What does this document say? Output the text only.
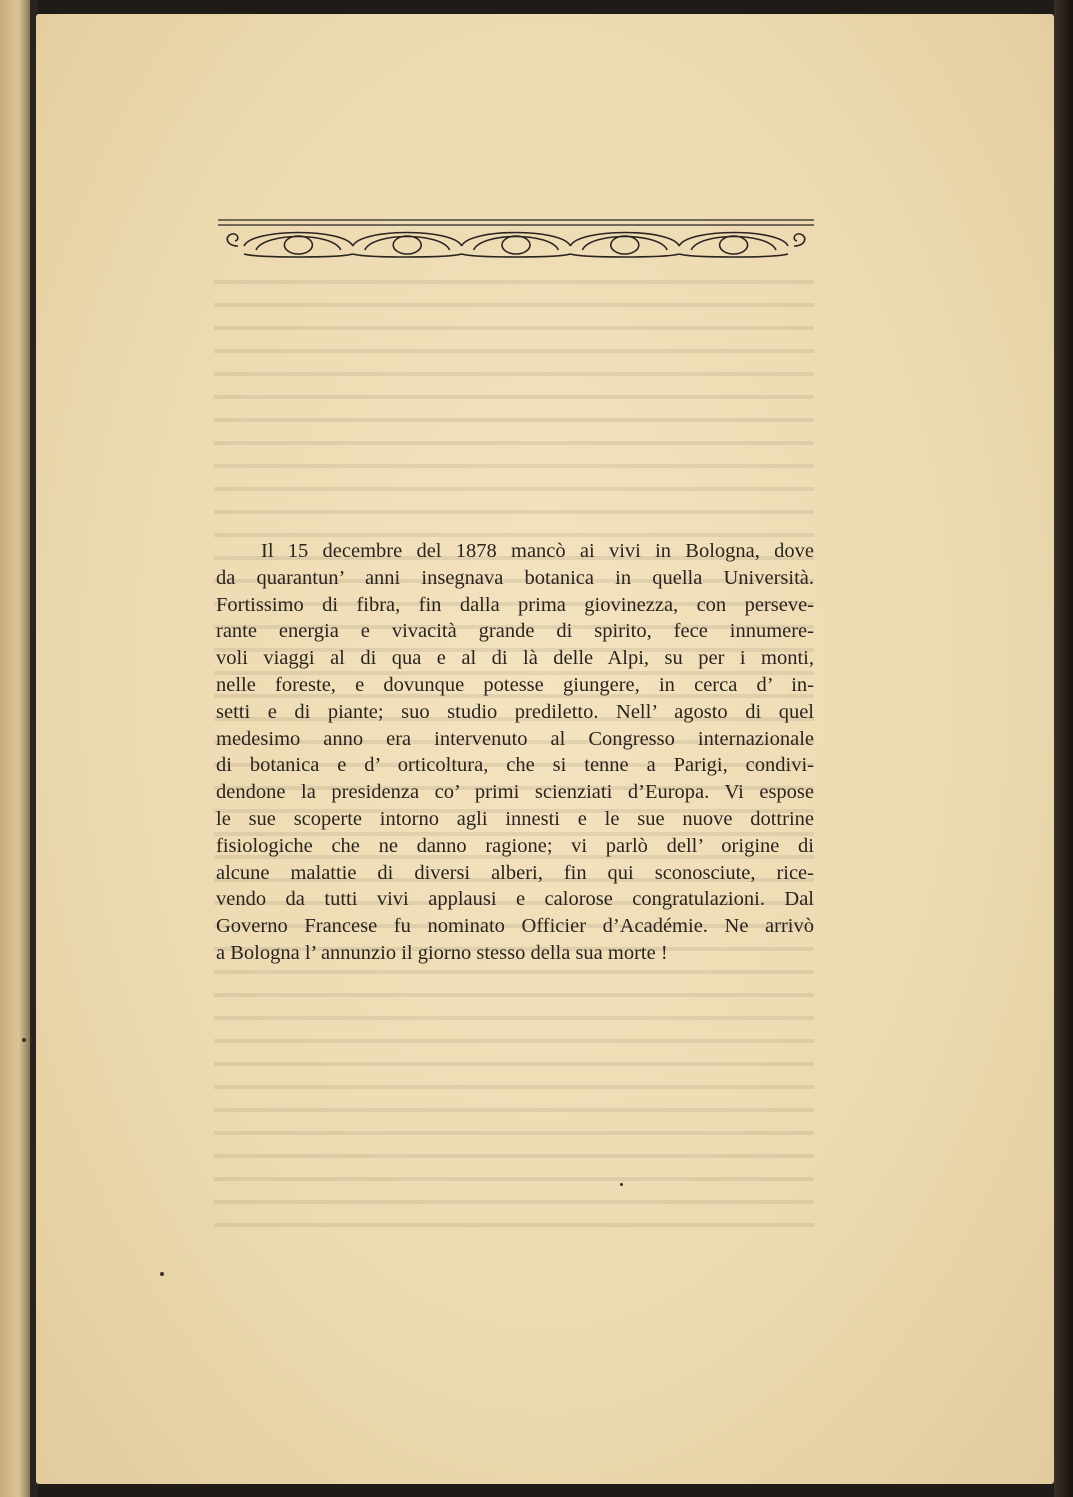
Il 15 decembre del 1878 mancò ai vivi in Bologna, dove
da quarantun’ anni insegnava botanica in quella Università.
Fortissimo di fibra, fin dalla prima giovinezza, con perseve-
rante energia e vivacità grande di spirito, fece innumere-
voli viaggi al di qua e al di là delle Alpi, su per i monti,
nelle foreste, e dovunque potesse giungere, in cerca d’ in-
setti e di piante; suo studio prediletto. Nell’ agosto di quel
medesimo anno era intervenuto al Congresso internazionale
di botanica e d’ orticoltura, che si tenne a Parigi, condivi-
dendone la presidenza co’ primi scienziati d’Europa. Vi espose
le sue scoperte intorno agli innesti e le sue nuove dottrine
fisiologiche che ne danno ragione; vi parlò dell’ origine di
alcune malattie di diversi alberi, fin qui sconosciute, rice-
vendo da tutti vivi applausi e calorose congratulazioni. Dal
Governo Francese fu nominato Officier d’Académie. Ne arrivò
a Bologna l’ annunzio il giorno stesso della sua morte !
